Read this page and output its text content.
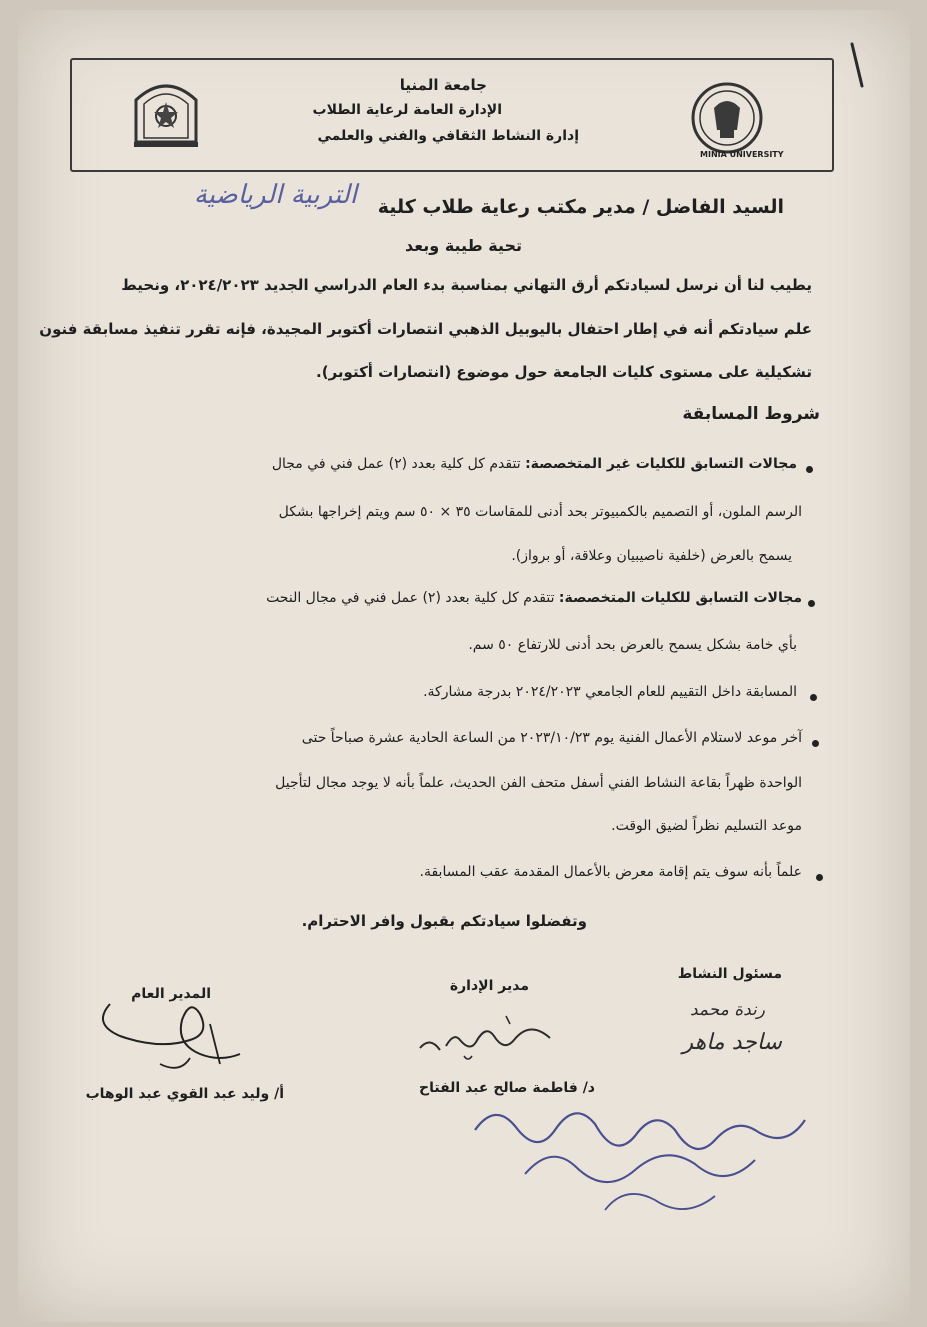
MINIA UNIVERSITY
جامعة المنيا
الإدارة العامة لرعاية الطلاب
إدارة النشاط الثقافي والفني والعلمي
السيد الفاضل / مدير مكتب رعاية طلاب كلية
التربية الرياضية
تحية طيبة وبعد
يطيب لنا أن نرسل لسيادتكم أرق التهاني بمناسبة بدء العام الدراسي الجديد ٢٠٢٤/٢٠٢٣، ونحيط
علم سيادتكم أنه في إطار احتفال باليوبيل الذهبي انتصارات أكتوبر المجيدة، فإنه تقرر تنفيذ مسابقة فنون
تشكيلية على مستوى كليات الجامعة حول موضوع (انتصارات أكتوبر).
شروط المسابقة
مجالات التسابق للكليات غير المتخصصة: تتقدم كل كلية بعدد (٢) عمل فني في مجال
الرسم الملون، أو التصميم بالكمبيوتر بحد أدنى للمقاسات ٣٥ × ٥٠ سم ويتم إخراجها بشكل
يسمح بالعرض (خلفية ناصيبيان وعلاقة، أو برواز).
مجالات التسابق للكليات المتخصصة: تتقدم كل كلية بعدد (٢) عمل فني في مجال النحت
بأي خامة بشكل يسمح بالعرض بحد أدنى للارتفاع ٥٠ سم.
المسابقة داخل التقييم للعام الجامعي ٢٠٢٤/٢٠٢٣ بدرجة مشاركة.
آخر موعد لاستلام الأعمال الفنية يوم ٢٠٢٣/١٠/٢٣ من الساعة الحادية عشرة صباحاً حتى
الواحدة ظهراً بقاعة النشاط الفني أسفل متحف الفن الحديث، علماً بأنه لا يوجد مجال لتأجيل
موعد التسليم نظراً لضيق الوقت.
علماً بأنه سوف يتم إقامة معرض بالأعمال المقدمة عقب المسابقة.
وتفضلوا سيادتكم بقبول وافر الاحترام.
مسئول النشاط
رندة محمد
ساجد ماهر
مدير الإدارة
د/ فاطمة صالح عبد الفتاح
المدير العام
أ/ وليد عبد القوي عبد الوهاب
